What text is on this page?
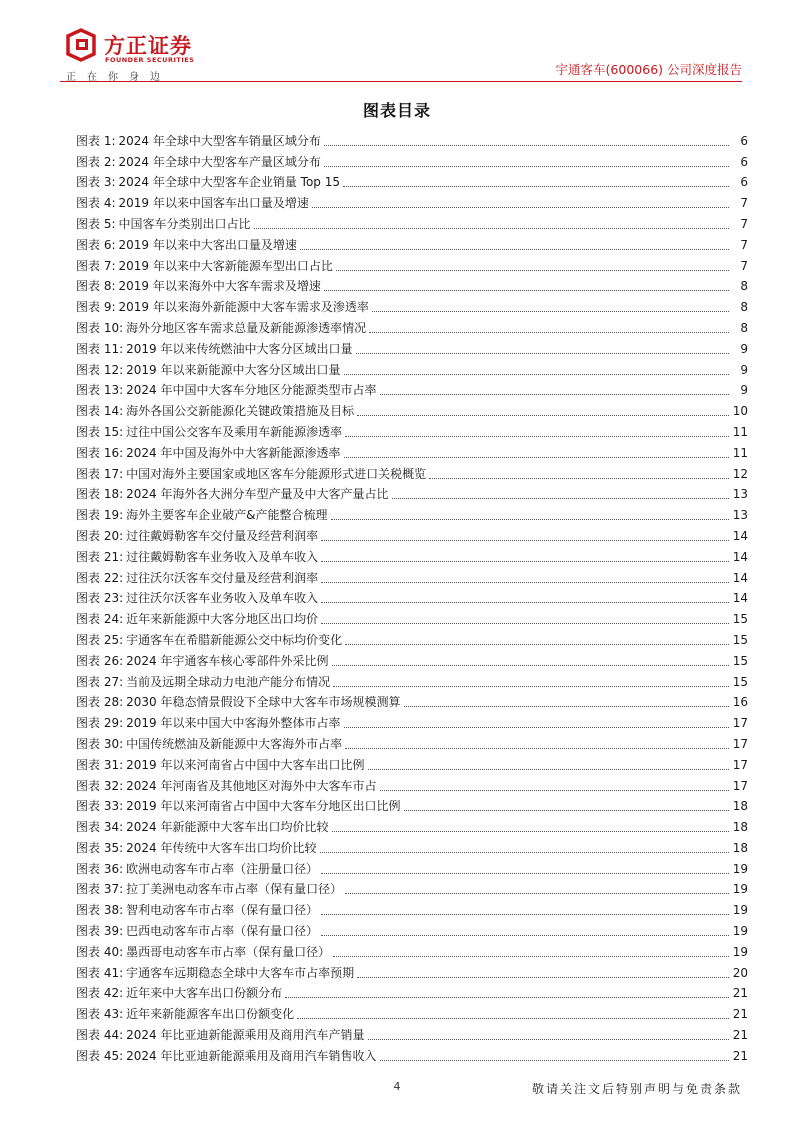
方正证券
FOUNDER SECURITIES
正在你身边
宇通客车(600066) 公司深度报告
图表目录
图表 1: 2024 年全球中大型客车销量区域分布	6
图表 2: 2024 年全球中大型客车产量区域分布	6
图表 3: 2024 年全球中大型客车企业销量 Top 15	6
图表 4: 2019 年以来中国客车出口量及增速	7
图表 5: 中国客车分类别出口占比	7
图表 6: 2019 年以来中大客出口量及增速	7
图表 7: 2019 年以来中大客新能源车型出口占比	7
图表 8: 2019 年以来海外中大客车需求及增速	8
图表 9: 2019 年以来海外新能源中大客车需求及渗透率	8
图表 10: 海外分地区客车需求总量及新能源渗透率情况	8
图表 11: 2019 年以来传统燃油中大客分区域出口量	9
图表 12: 2019 年以来新能源中大客分区域出口量	9
图表 13: 2024 年中国中大客车分地区分能源类型市占率	9
图表 14: 海外各国公交新能源化关键政策措施及目标	10
图表 15: 过往中国公交客车及乘用车新能源渗透率	11
图表 16: 2024 年中国及海外中大客新能源渗透率	11
图表 17: 中国对海外主要国家或地区客车分能源形式进口关税概览	12
图表 18: 2024 年海外各大洲分车型产量及中大客产量占比	13
图表 19: 海外主要客车企业破产&产能整合梳理	13
图表 20: 过往戴姆勒客车交付量及经营利润率	14
图表 21: 过往戴姆勒客车业务收入及单车收入	14
图表 22: 过往沃尔沃客车交付量及经营利润率	14
图表 23: 过往沃尔沃客车业务收入及单车收入	14
图表 24: 近年来新能源中大客分地区出口均价	15
图表 25: 宇通客车在希腊新能源公交中标均价变化	15
图表 26: 2024 年宇通客车核心零部件外采比例	15
图表 27: 当前及远期全球动力电池产能分布情况	15
图表 28: 2030 年稳态情景假设下全球中大客车市场规模测算	16
图表 29: 2019 年以来中国大中客海外整体市占率	17
图表 30: 中国传统燃油及新能源中大客海外市占率	17
图表 31: 2019 年以来河南省占中国中大客车出口比例	17
图表 32: 2024 年河南省及其他地区对海外中大客车市占	17
图表 33: 2019 年以来河南省占中国中大客车分地区出口比例	18
图表 34: 2024 年新能源中大客车出口均价比较	18
图表 35: 2024 年传统中大客车出口均价比较	18
图表 36: 欧洲电动客车市占率（注册量口径）	19
图表 37: 拉丁美洲电动客车市占率（保有量口径）	19
图表 38: 智利电动客车市占率（保有量口径）	19
图表 39: 巴西电动客车市占率（保有量口径）	19
图表 40: 墨西哥电动客车市占率（保有量口径）	19
图表 41: 宇通客车远期稳态全球中大客车市占率预期	20
图表 42: 近年来中大客车出口份额分布	21
图表 43: 近年来新能源客车出口份额变化	21
图表 44: 2024 年比亚迪新能源乘用及商用汽车产销量	21
图表 45: 2024 年比亚迪新能源乘用及商用汽车销售收入	21
4	敬请关注文后特别声明与免责条款
